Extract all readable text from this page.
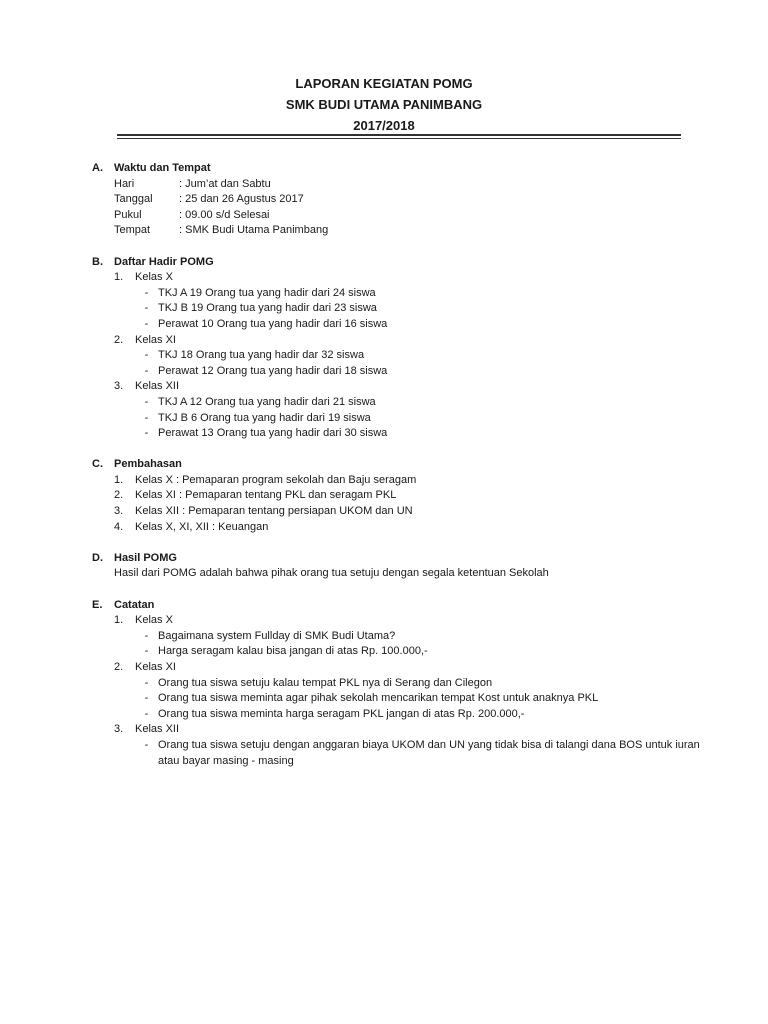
LAPORAN KEGIATAN POMG
SMK BUDI UTAMA PANIMBANG
2017/2018
A.	Waktu dan Tempat
Hari	: Jum’at dan Sabtu
Tanggal	: 25 dan 26 Agustus 2017
Pukul	: 09.00 s/d Selesai
Tempat	: SMK Budi Utama Panimbang
B.	Daftar Hadir POMG
1.	Kelas X
- TKJ A 19 Orang tua yang hadir dari 24 siswa
- TKJ B 19 Orang tua yang hadir dari 23 siswa
- Perawat 10 Orang tua yang hadir dari 16 siswa
2.	Kelas XI
- TKJ 18 Orang tua yang hadir dar 32 siswa
- Perawat 12 Orang tua yang hadir dari 18 siswa
3.	Kelas XII
- TKJ A 12 Orang tua yang hadir dari 21 siswa
- TKJ B 6 Orang tua yang hadir dari 19 siswa
- Perawat 13 Orang tua yang hadir dari 30 siswa
C.	Pembahasan
1.	Kelas X : Pemaparan program sekolah dan Baju seragam
2.	Kelas XI : Pemaparan tentang PKL dan seragam PKL
3.	Kelas XII : Pemaparan tentang persiapan UKOM dan UN
4.	Kelas X, XI, XII : Keuangan
D.	Hasil POMG
Hasil dari POMG adalah bahwa pihak orang tua setuju dengan segala ketentuan Sekolah
E.	Catatan
1.	Kelas X
- Bagaimana system Fullday di SMK Budi Utama?
- Harga seragam kalau bisa jangan di atas Rp. 100.000,-
2.	Kelas XI
- Orang tua siswa setuju kalau tempat PKL nya di Serang dan Cilegon
- Orang tua siswa meminta agar pihak sekolah mencarikan tempat Kost untuk anaknya PKL
- Orang tua siswa meminta harga seragam PKL jangan di atas Rp. 200.000,-
3.	Kelas XII
- Orang tua siswa setuju dengan anggaran biaya UKOM dan UN yang tidak bisa di talangi dana BOS untuk iuran atau bayar masing - masing
